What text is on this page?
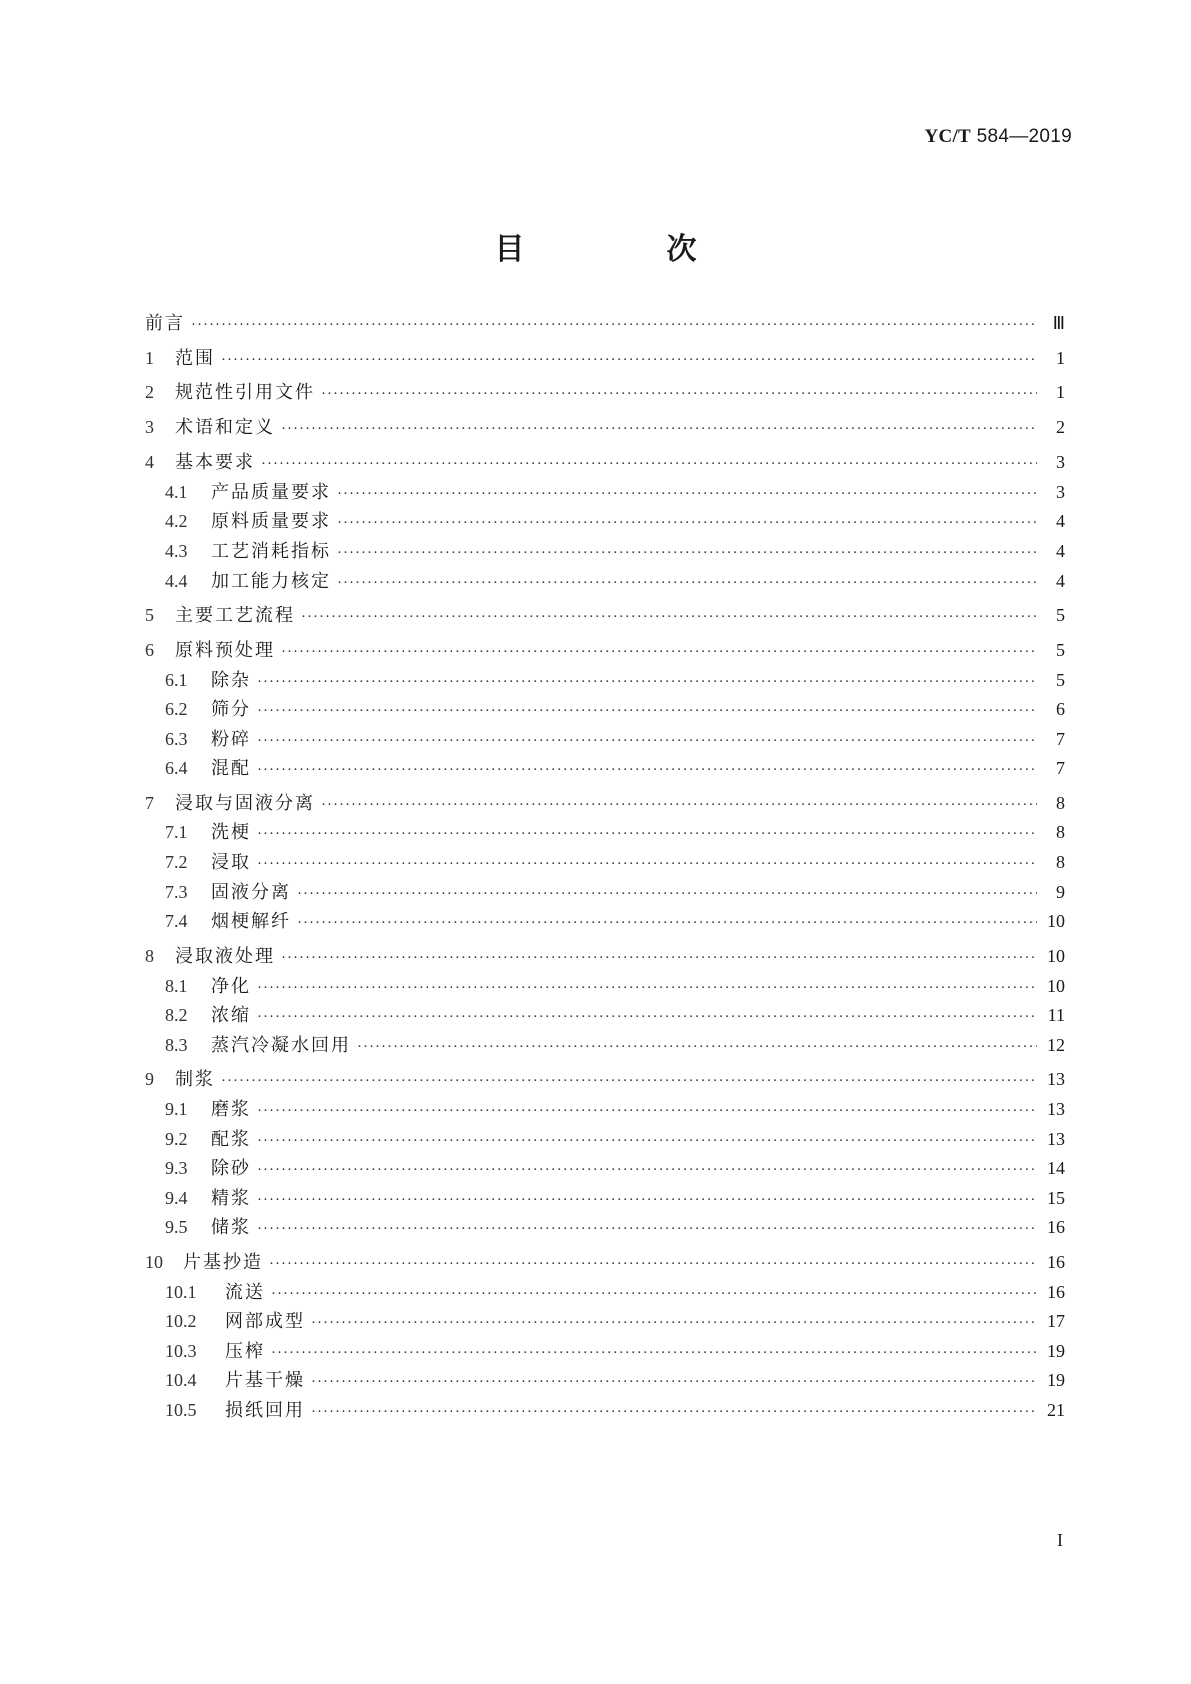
YC/T 584—2019
目　次
前言 ·····	Ⅲ
1	范围 ·····	1
2	规范性引用文件 ·····	1
3	术语和定义 ·····	2
4	基本要求 ·····	3
4.1	产品质量要求 ·····	3
4.2	原料质量要求 ·····	4
4.3	工艺消耗指标 ·····	4
4.4	加工能力核定 ·····	4
5	主要工艺流程 ·····	5
6	原料预处理 ·····	5
6.1	除杂 ·····	5
6.2	筛分 ·····	6
6.3	粉碎 ·····	7
6.4	混配 ·····	7
7	浸取与固液分离 ·····	8
7.1	洗梗 ·····	8
7.2	浸取 ·····	8
7.3	固液分离 ·····	9
7.4	烟梗解纤 ·····	10
8	浸取液处理 ·····	10
8.1	净化 ·····	10
8.2	浓缩 ·····	11
8.3	蒸汽冷凝水回用 ·····	12
9	制浆 ·····	13
9.1	磨浆 ·····	13
9.2	配浆 ·····	13
9.3	除砂 ·····	14
9.4	精浆 ·····	15
9.5	储浆 ·····	16
10	片基抄造 ·····	16
10.1	流送 ·····	16
10.2	网部成型 ·····	17
10.3	压榨 ·····	19
10.4	片基干燥 ·····	19
10.5	损纸回用 ·····	21
I
